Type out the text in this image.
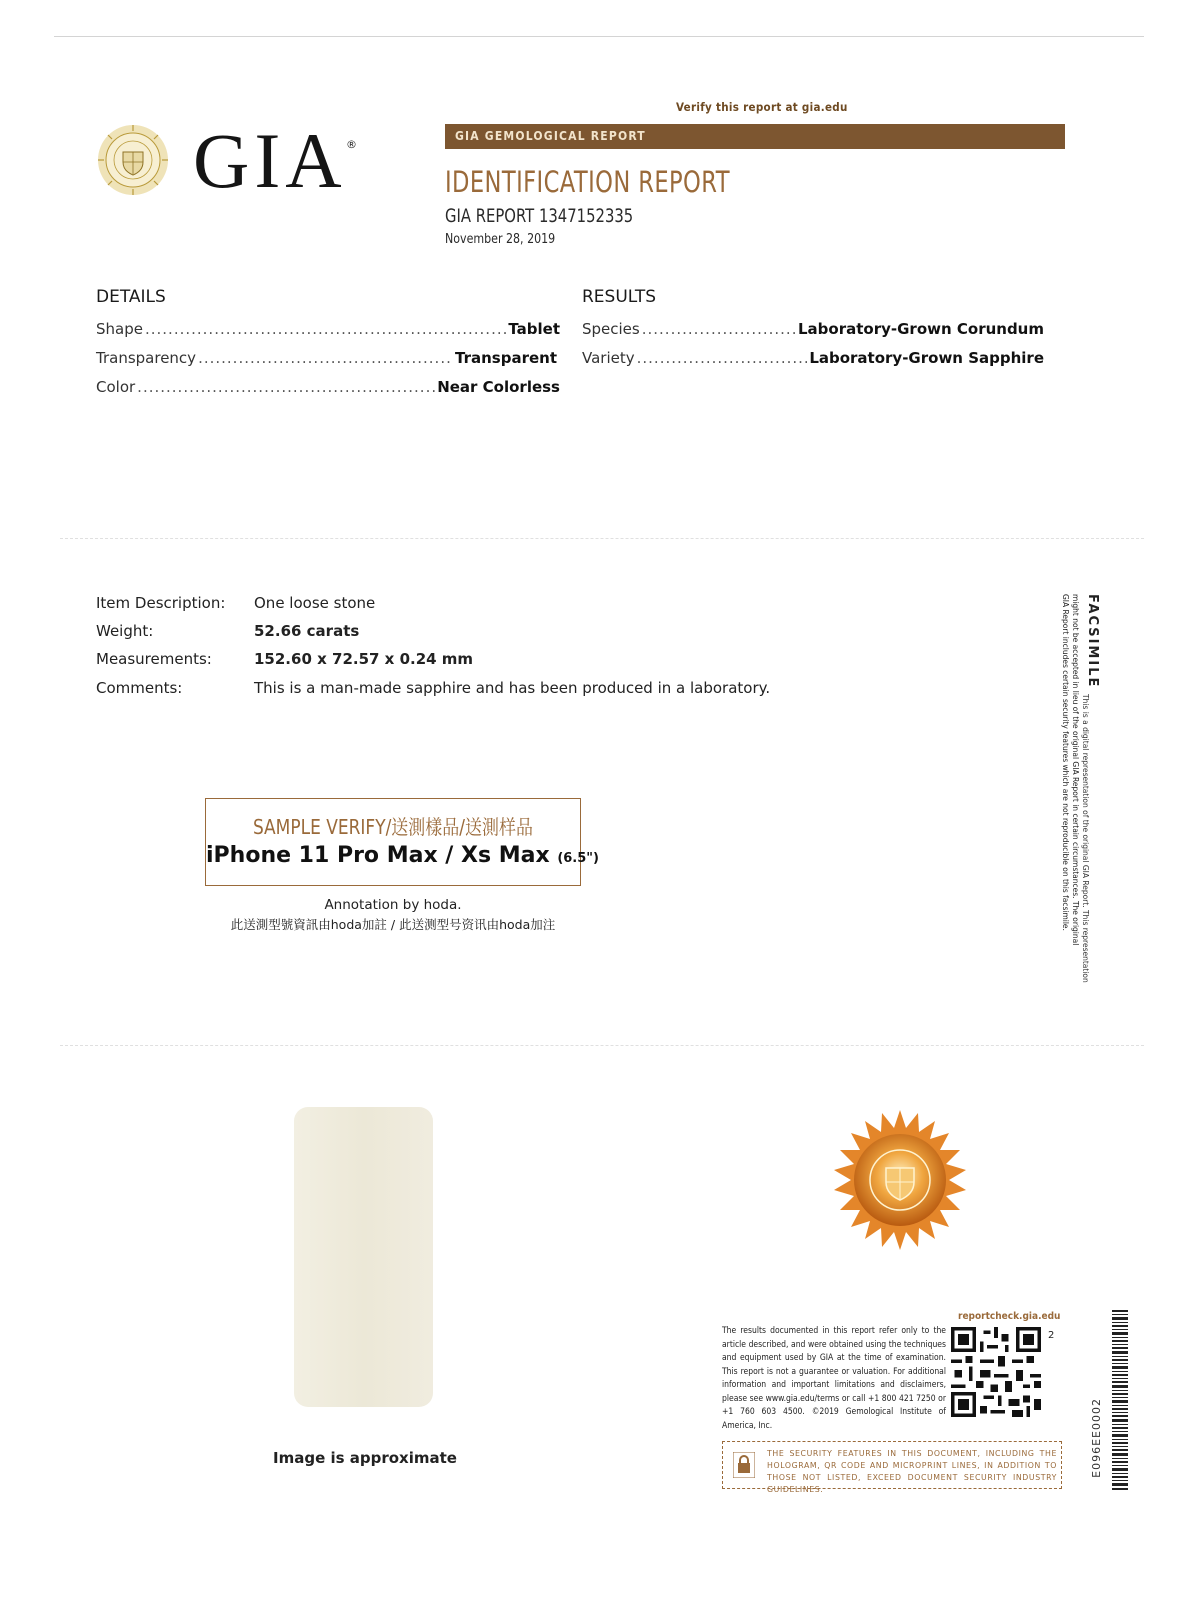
GIA ®
Verify this report at gia.edu
GIA GEMOLOGICAL REPORT
IDENTIFICATION REPORT
GIA REPORT 1347152335
November 28, 2019
DETAILS
Shape .....	Tablet
Transparency .....	Transparent
Color .....	Near Colorless
RESULTS
Species .....	Laboratory-Grown Corundum
Variety .....	Laboratory-Grown Sapphire
Item Description: One loose stone
Weight:	52.66 carats
Measurements:	152.60 x 72.57 x 0.24 mm
Comments:	This is a man-made sapphire and has been produced in a laboratory.
SAMPLE VERIFY/送測樣品/送測样品
iPhone 11 Pro Max / Xs Max (6.5")
Annotation by hoda.
此送測型號資訊由hoda加註 / 此送测型号资讯由hoda加注
FACSIMILE
This is a digital representation of the original GIA Report. This representation
might not be accepted in lieu of the original GIA Report in certain circumstances. The original
GIA Report includes certain security features which are not reproducible on this facsimile.
Image is approximate
reportcheck.gia.edu
The results documented in this report refer only to the article described, and were obtained using the techniques and equipment used by GIA at the time of examination. This report is not a guarantee or valuation. For additional information and important limitations and disclaimers, please see www.gia.edu/terms or call +1 800 421 7250 or +1 760 603 4500. ©2019 Gemological Institute of America, Inc.
2
THE SECURITY FEATURES IN THIS DOCUMENT, INCLUDING THE HOLOGRAM, QR CODE AND MICROPRINT LINES, IN ADDITION TO THOSE NOT LISTED, EXCEED DOCUMENT SECURITY INDUSTRY GUIDELINES.
E096EE0002
